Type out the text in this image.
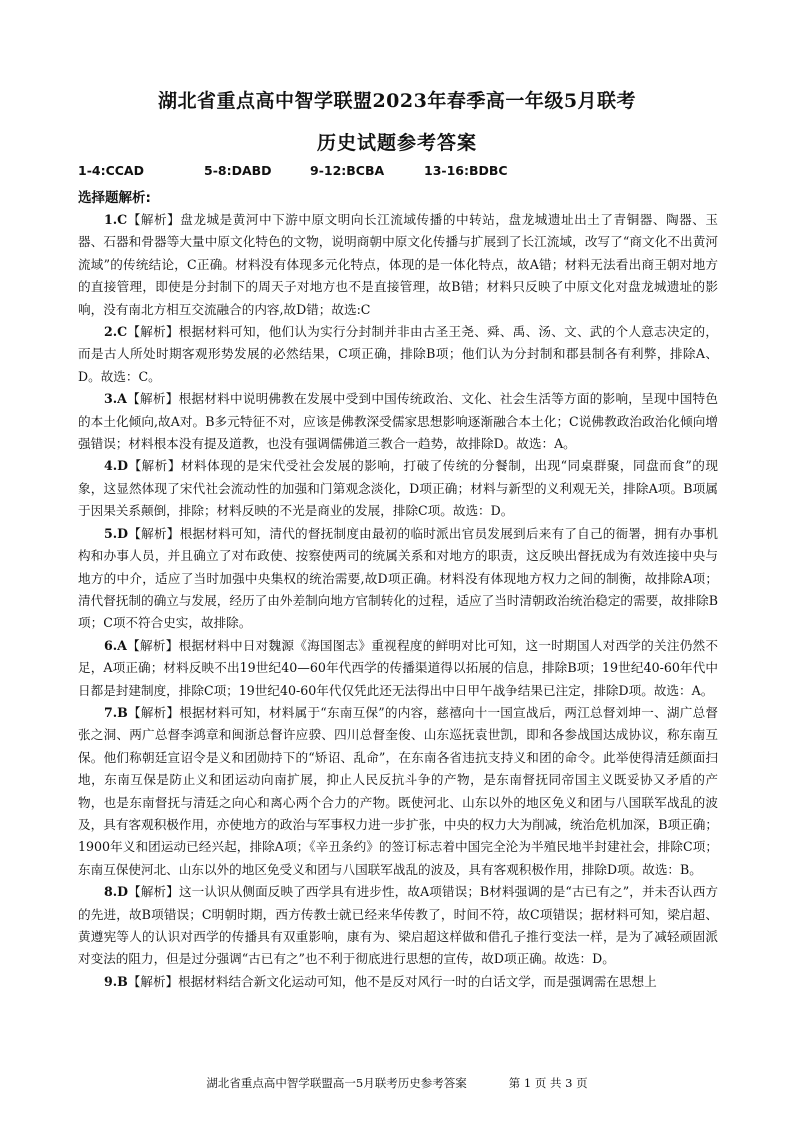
湖北省重点高中智学联盟2023年春季高一年级5月联考
历史试题参考答案
1-4:CCAD	5-8:DABD	9-12:BCBA	13-16:BDBC
选择题解析:

1.C【解析】盘龙城是黄河中下游中原文明向长江流域传播的中转站，盘龙城遗址出土了青铜器、陶器、玉器、石器和骨器等大量中原文化特色的文物，说明商朝中原文化传播与扩展到了长江流域，改写了“商文化不出黄河流域”的传统结论，C正确。材料没有体现多元化特点，体现的是一体化特点，故A错；材料无法看出商王朝对地方的直接管理，即使是分封制下的周天子对地方也不是直接管理，故B错；材料只反映了中原文化对盘龙城遗址的影响，没有南北方相互交流融合的内容,故D错；故选:C

2.C【解析】根据材料可知，他们认为实行分封制并非由古圣王尧、舜、禹、汤、文、武的个人意志决定的，而是古人所处时期客观形势发展的必然结果，C项正确，排除B项；他们认为分封制和郡县制各有利弊，排除A、D。故选：C。

3.A【解析】根据材料中说明佛教在发展中受到中国传统政治、文化、社会生活等方面的影响，呈现中国特色的本土化倾向,故A对。B多元特征不对，应该是佛教深受儒家思想影响逐渐融合本土化；C说佛教政治政治化倾向增强错误；材料根本没有提及道教，也没有强调儒佛道三教合一趋势，故排除D。故选：A。

4.D【解析】材料体现的是宋代受社会发展的影响，打破了传统的分餐制，出现“同桌群聚，同盘而食”的现象，这显然体现了宋代社会流动性的加强和门第观念淡化，D项正确；材料与新型的义利观无关，排除A项。B项属于因果关系颠倒，排除；材料反映的不光是商业的发展，排除C项。故选：D。

5.D【解析】根据材料可知，清代的督抚制度由最初的临时派出官员发展到后来有了自己的衙署，拥有办事机构和办事人员，并且确立了对布政使、按察使两司的统属关系和对地方的职责，这反映出督抚成为有效连接中央与地方的中介，适应了当时加强中央集权的统治需要,故D项正确。材料没有体现地方权力之间的制衡，故排除A项；清代督抚制的确立与发展，经历了由外差制向地方官制转化的过程，适应了当时清朝政治统治稳定的需要，故排除B项；C项不符合史实，故排除。

6.A【解析】根据材料中日对魏源《海国图志》重视程度的鲜明对比可知，这一时期国人对西学的关注仍然不足，A项正确；材料反映不出19世纪40—60年代西学的传播渠道得以拓展的信息，排除B项；19世纪40-60年代中日都是封建制度，排除C项；19世纪40-60年代仅凭此还无法得出中日甲午战争结果已注定，排除D项。故选：A。

7.B【解析】根据材料可知，材料属于“东南互保”的内容，慈禧向十一国宣战后，两江总督刘坤一、湖广总督张之洞、两广总督李鸿章和闽浙总督许应骙、四川总督奎俊、山东巡抚袁世凯，即和各参战国达成协议，称东南互保。他们称朝廷宣诏令是义和团勋持下的“矫诏、乱命”，在东南各省违抗支持义和团的命令。此举使得清廷颜面扫地，东南互保是防止义和团运动向南扩展，抑止人民反抗斗争的产物，是东南督抚同帝国主义既妥协又矛盾的产物，也是东南督抚与清廷之向心和离心两个合力的产物。既使河北、山东以外的地区免义和团与八国联军战乱的波及，具有客观积极作用，亦使地方的政治与军事权力进一步扩张，中央的权力大为削减，统治危机加深，B项正确；1900年义和团运动已经兴起，排除A项；《辛丑条约》的签订标志着中国完全沦为半殖民地半封建社会，排除C项；东南互保使河北、山东以外的地区免受义和团与八国联军战乱的波及，具有客观积极作用，排除D项。故选：B。

8.D【解析】这一认识从侧面反映了西学具有进步性，故A项错误；B材料强调的是“古已有之”，并未否认西方的先进，故B项错误；C明朝时期，西方传教士就已经来华传教了，时间不符，故C项错误；据材料可知，梁启超、黄遵宪等人的认识对西学的传播具有双重影响，康有为、梁启超这样做和借孔子推行变法一样，是为了减轻顽固派对变法的阻力，但是过分强调“古已有之”也不利于彻底进行思想的宣传，故D项正确。故选：D。

9.B【解析】根据材料结合新文化运动可知，他不是反对风行一时的白话文学，而是强调需在思想上

湖北省重点高中智学联盟高一5月联考历史参考答案	第 1 页 共 3 页
